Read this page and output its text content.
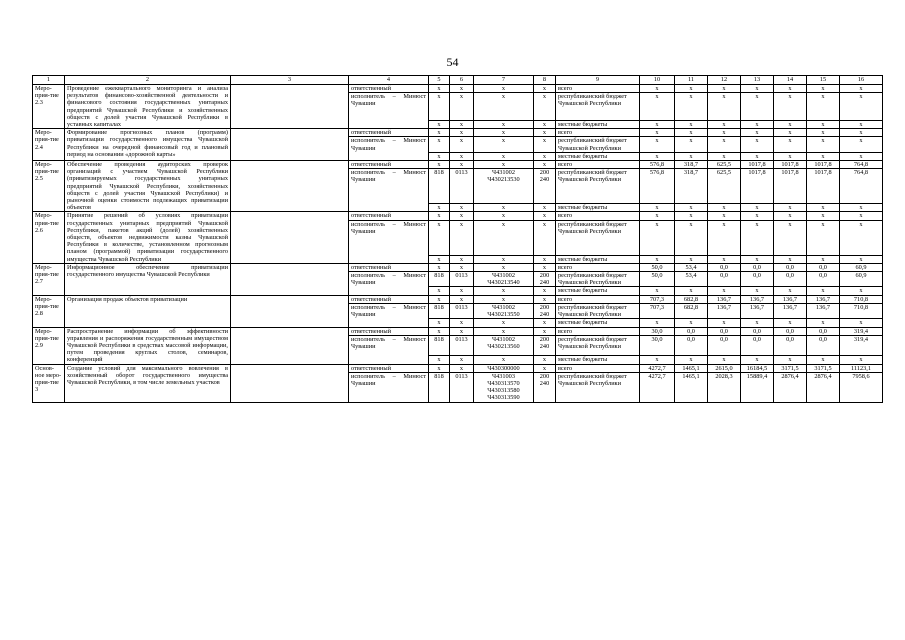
54
1	2	3	4	5	6	7	8	9	10	11	12	13	14	15	16
Меро-прия-тие 2.3	Проведение ежеквартального мониторинга и анализа результатов финансово-хозяйственной деятельности и финансового состояния государственных унитарных предприятий Чувашской Республики и хозяйственных обществ с долей участия Чувашской Республики в уставных капиталах		ответственный	x	x	x	x	всего	x	x	x	x	x	x	x
			исполнитель – Минюст Чувашии	x	x	x	x	республиканский бюджет Чувашской Республики	x	x	x	x	x	x	x
				x	x	x	x	местные бюджеты	x	x	x	x	x	x	x
Меро-прия-тие 2.4	Формирование прогнозных планов (программ) приватизации государственного имущества Чувашской Республики на очередной финансовый год и плановый период на основании «дорожной карты»		ответственный	x	x	x	x	всего	x	x	x	x	x	x	x
			исполнитель – Минюст Чувашии	x	x	x	x	республиканский бюджет Чувашской Республики	x	x	x	x	x	x	x
				x	x	x	x	местные бюджеты	x	x	x	x	x	x	x
Меро-прия-тие 2.5	Обеспечение проведения аудиторских проверок организаций с участием Чувашской Республики (приватизируемых государственных унитарных предприятий Чувашской Республики, хозяйственных обществ с долей участия Чувашской Республики) и рыночной оценки стоимости подлежащих приватизации объектов		ответственный	x	x	x	x	всего	576,8	318,7	625,5	1017,8	1017,8	1017,8	764,8
			исполнитель – Минюст Чувашии	818	0113	Ч431002 Ч430213530	200 240	республиканский бюджет Чувашской Республики	576,8	318,7	625,5	1017,8	1017,8	1017,8	764,8
				x	x	x	x	местные бюджеты	x	x	x	x	x	x	x
Меро-прия-тие 2.6	Принятие решений об условиях приватизации государственных унитарных предприятий Чувашской Республики, пакетов акций (долей) хозяйственных обществ, объектов недвижимости казны Чувашской Республики в количестве, установленном прогнозным планом (программой) приватизации государственного имущества Чувашской Республики		ответственный	x	x	x	x	всего	x	x	x	x	x	x	x
			исполнитель – Минюст Чувашии	x	x	x	x	республиканский бюджет Чувашской Республики	x	x	x	x	x	x	x
				x	x	x	x	местные бюджеты	x	x	x	x	x	x	x
Меро-прия-тие 2.7	Информационное обеспечение приватизации государственного имущества Чувашской Республики		ответственный	x	x	x	x	всего	50,0	53,4	0,0	0,0	0,0	0,0	60,9
			исполнитель – Минюст Чувашии	818	0113	Ч431002 Ч430213540	200 240	республиканский бюджет Чувашской Республики	50,0	53,4	0,0	0,0	0,0	0,0	60,9
				x	x	x	x	местные бюджеты	x	x	x	x	x	x	x
Меро-прия-тие 2.8	Организация продаж объектов приватизации		ответственный	x	x	x	x	всего	707,3	682,8	136,7	136,7	136,7	136,7	710,8
			исполнитель – Минюст Чувашии	818	0113	Ч431002 Ч430213550	200 240	республиканский бюджет Чувашской Республики	707,3	682,8	136,7	136,7	136,7	136,7	710,8
				x	x	x	x	местные бюджеты	x	x	x	x	x	x	x
Меро-прия-тие 2.9	Распространение информации об эффективности управления и распоряжения государственным имуществом Чувашской Республики в средствах массовой информации, путем проведения круглых столов, семинаров, конференций		ответственный	x	x	x	x	всего	30,0	0,0	0,0	0,0	0,0	0,0	319,4
			исполнитель – Минюст Чувашии	818	0113	Ч431002 Ч430213560	200 240	республиканский бюджет Чувашской Республики	30,0	0,0	0,0	0,0	0,0	0,0	319,4
				x	x	x	x	местные бюджеты	x	x	x	x	x	x	x
Основ-ное меро-прия-тие 3	Создание условий для максимального вовлечения в хозяйственный оборот государственного имущества Чувашской Республики, в том числе земельных участков		ответственный	x	x	Ч430300000	x	всего	4272,7	1465,1	2615,0	16184,5	3171,5	3171,5	11123,1
			исполнитель – Минюст Чувашии	818	0113	Ч431003 Ч430313570 Ч430313580 Ч430313590	200 240	республиканский бюджет Чувашской Республики	4272,7	1465,1	2028,3	15889,4	2876,4	2876,4	7958,6
